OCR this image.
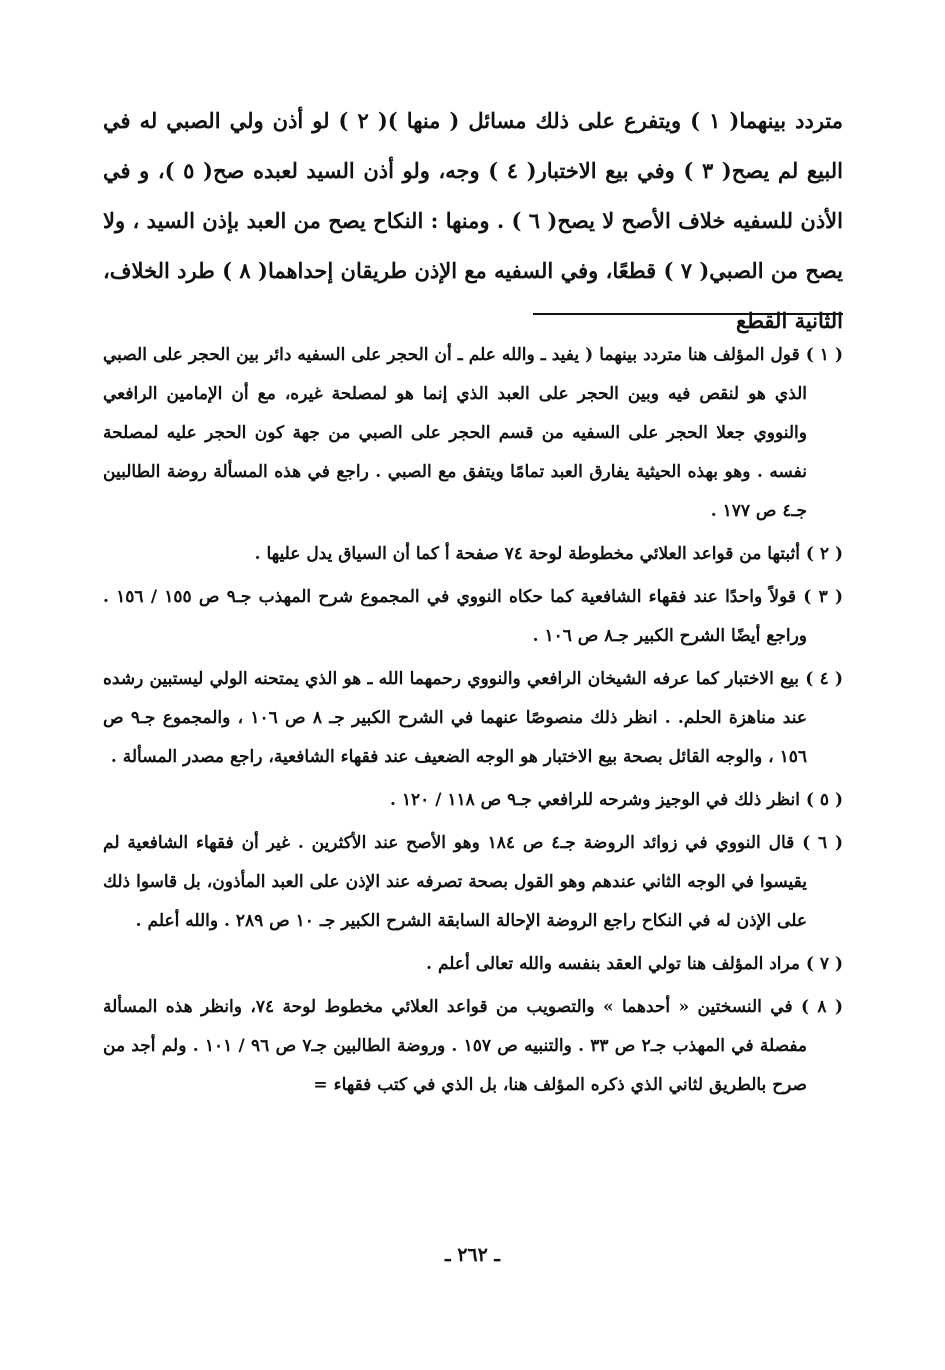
متردد بينهما( ١ ) ويتفرع على ذلك مسائل ( منها )( ٢ ) لو أذن ولي الصبي له في البيع لم يصح( ٣ ) وفي بيع الاختبار( ٤ ) وجه، ولو أذن السيد لعبده صح( ٥ )، و في الأذن للسفيه خلاف الأصح لا يصح( ٦ ) . ومنها : النكاح يصح من العبد بإذن السيد ، ولا يصح من الصبي( ٧ ) قطعًا، وفي السفيه مع الإذن طريقان إحداهما( ٨ ) طرد الخلاف، الثانية القطع

( ١ ) قول المؤلف هنا متردد بينهما ( يفيد ـ والله علم ـ أن الحجر على السفيه دائر بين الحجر على الصبي الذي هو لنقص فيه وبين الحجر على العبد الذي إنما هو لمصلحة غيره، مع أن الإمامين الرافعي والنووي جعلا الحجر على السفيه من قسم الحجر على الصبي من جهة كون الحجر عليه لمصلحة نفسه . وهو بهذه الحيثية يفارق العبد تمامًا ويتفق مع الصبي . راجع في هذه المسألة روضة الطالبين جـ٤ ص ١٧٧ .

( ٢ ) أثبتها من قواعد العلائي مخطوطة لوحة ٧٤ صفحة أ كما أن السياق يدل عليها .

( ٣ ) قولاً واحدًا عند فقهاء الشافعية كما حكاه النووي في المجموع شرح المهذب جـ٩ ص ١٥٥ / ١٥٦ . وراجع أيضًا الشرح الكبير جـ٨ ص ١٠٦ .

( ٤ ) بيع الاختبار كما عرفه الشيخان الرافعي والنووي رحمهما الله ـ هو الذي يمتحنه الولي ليستبين رشده عند مناهزة الحلم. . انظر ذلك منصوصًا عنهما في الشرح الكبير جـ ٨ ص ١٠٦ ، والمجموع جـ٩ ص ١٥٦ ، والوجه القائل بصحة بيع الاختبار هو الوجه الضعيف عند فقهاء الشافعية، راجع مصدر المسألة .

( ٥ ) انظر ذلك في الوجيز وشرحه للرافعي جـ٩ ص ١١٨ / ١٢٠ .

( ٦ ) قال النووي في زوائد الروضة جـ٤ ص ١٨٤ وهو الأصح عند الأكثرين . غير أن فقهاء الشافعية لم يقيسوا في الوجه الثاني عندهم وهو القول بصحة تصرفه عند الإذن على العبد المأذون، بل قاسوا ذلك على الإذن له في النكاح راجع الروضة الإحالة السابقة الشرح الكبير جـ ١٠ ص ٢٨٩ . والله أعلم .

( ٧ ) مراد المؤلف هنا تولي العقد بنفسه والله تعالى أعلم .

( ٨ ) في النسختين « أحدهما » والتصويب من قواعد العلائي مخطوط لوحة ٧٤، وانظر هذه المسألة مفصلة في المهذب جـ٢ ص ٣٣ . والتنبيه ص ١٥٧ . وروضة الطالبين جـ٧ ص ٩٦ / ١٠١ . ولم أجد من صرح بالطريق لثاني الذي ذكره المؤلف هنا، بل الذي في كتب فقهاء =

ـ ٢٦٢ ـ
